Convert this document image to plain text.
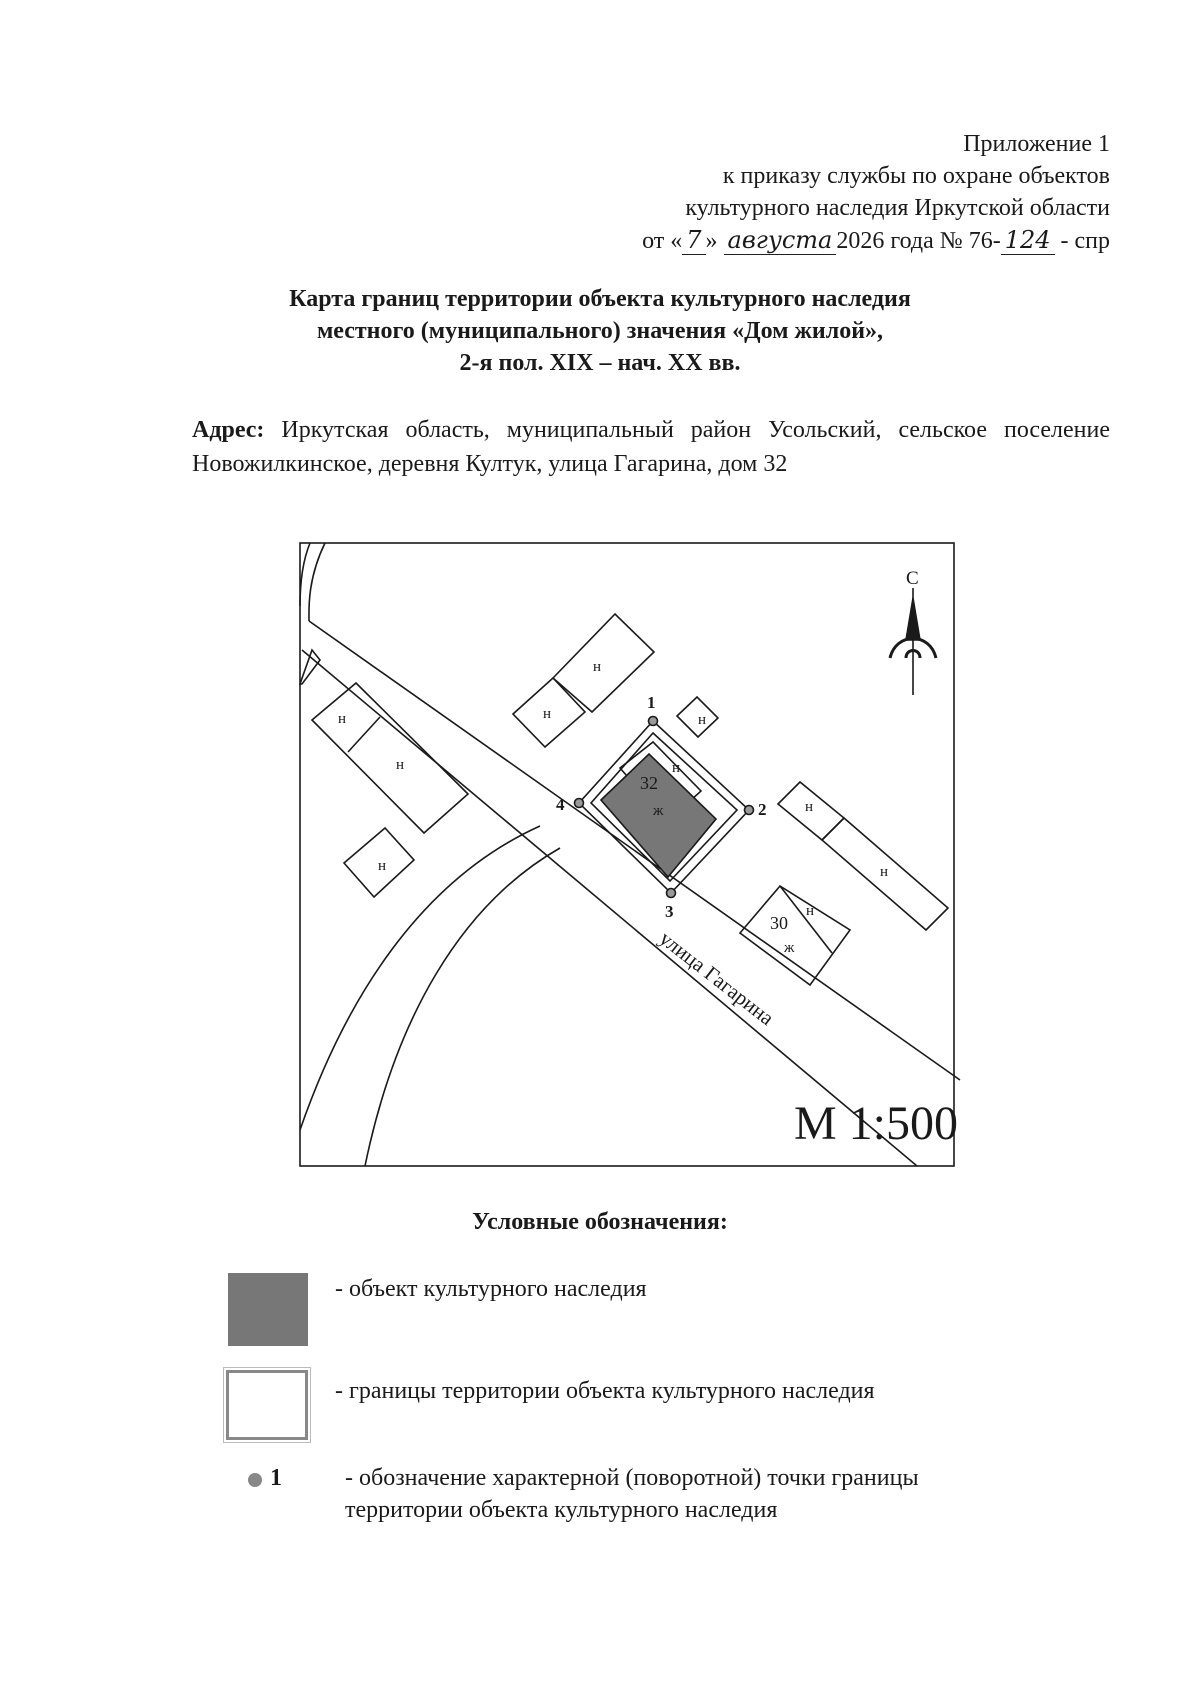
Приложение 1
к приказу службы по охране объектов
культурного наследия Иркутской области
от « 7 » августа 2026 года № 76- 124 - спр
Карта границ территории объекта культурного наследия
местного (муниципального) значения «Дом жилой»,
2-я пол. XIX – нач. XX вв.
Адрес: Иркутская область, муниципальный район Усольский, сельское поселение Новожилкинское, деревня Култук, улица Гагарина, дом 32
С
н
н
н
н
н
н
н
н
н
н
30
ж
32
ж
1
2
3
4
улица Гагарина
М 1:500
Условные обозначения:
- объект культурного наследия
- границы территории объекта культурного наследия
1	- обозначение характерной (поворотной) точки границы
территории объекта культурного наследия
